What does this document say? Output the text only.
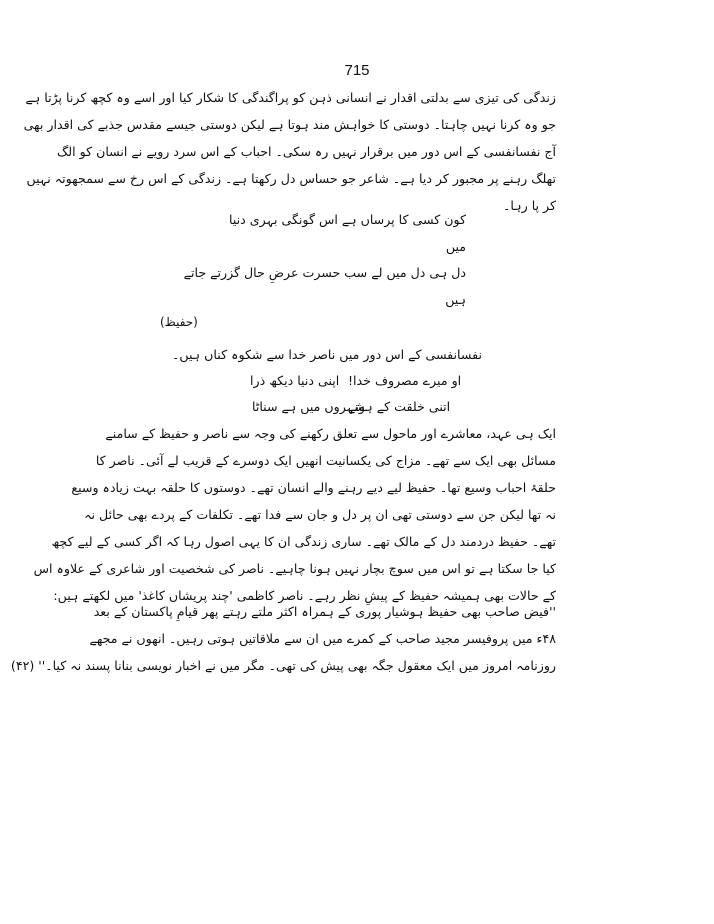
715
زندگی کی تیزی سے بدلتی اقدار نے انسانی ذہن کو پراگندگی کا شکار کیا اور اسے وہ کچھ کرنا پڑتا ہے
جو وہ کرنا نہیں چاہتا۔ دوستی کا خواہش مند ہوتا ہے لیکن دوستی جیسے مقدس جذبے کی اقدار بھی
آج نفسانفسی کے اس دور میں برقرار نہیں رہ سکی۔ احباب کے اس سرد رویے نے انسان کو الگ
تھلگ رہنے پر مجبور کر دیا ہے۔ شاعر جو حساس دل رکھتا ہے۔ زندگی کے اس رخ سے سمجھوتہ نہیں
کر پا رہا۔
کون کسی کا پرساں ہے اس گونگی بہری دنیا
میں
دل ہی دل میں لے سب حسرت عرضِ حال گزرتے جاتے
ہیں
(حفیظ)
نفسانفسی کے اس دور میں ناصر خدا سے شکوہ کناں ہیں۔
او میرے مصروف خدا!
اپنی دنیا دیکھ ذرا
اتنی خلقت کے ہوتے
شہروں میں ہے سناٹا
ایک ہی عہد، معاشرے اور ماحول سے تعلق رکھنے کی وجہ سے ناصر و حفیظ کے سامنے
مسائل بھی ایک سے تھے۔ مزاج کی یکسانیت انھیں ایک دوسرے کے قریب لے آئی۔ ناصر کا
حلقۂ احباب وسیع تھا۔ حفیظ لیے دیے رہنے والے انسان تھے۔ دوستوں کا حلقہ بہت زیادہ وسیع
نہ تھا لیکن جن سے دوستی تھی ان پر دل و جان سے فدا تھے۔ تکلفات کے پردے بھی حائل نہ
تھے۔ حفیظ دردمند دل کے مالک تھے۔ ساری زندگی ان کا یہی اصول رہا کہ اگر کسی کے لیے کچھ
کیا جا سکتا ہے تو اس میں سوچ بچار نہیں ہونا چاہیے۔ ناصر کی شخصیت اور شاعری کے علاوہ اس
کے حالات بھی ہمیشہ حفیظ کے پیشِ نظر رہے۔ ناصر کاظمی 'چند پریشاں کاغذ' میں لکھتے ہیں:
''فیض صاحب بھی حفیظ ہوشیار پوری کے ہمراہ اکثر ملتے رہتے پھر قیامِ پاکستان کے بعد
۴۸ء میں پروفیسر مجید صاحب کے کمرے میں ان سے ملاقاتیں ہوتی رہیں۔ انھوں نے مجھے
روزنامہ امروز میں ایک معقول جگہ بھی پیش کی تھی۔ مگر میں نے اخبار نویسی بنانا پسند نہ کیا۔'' (۴۲)
